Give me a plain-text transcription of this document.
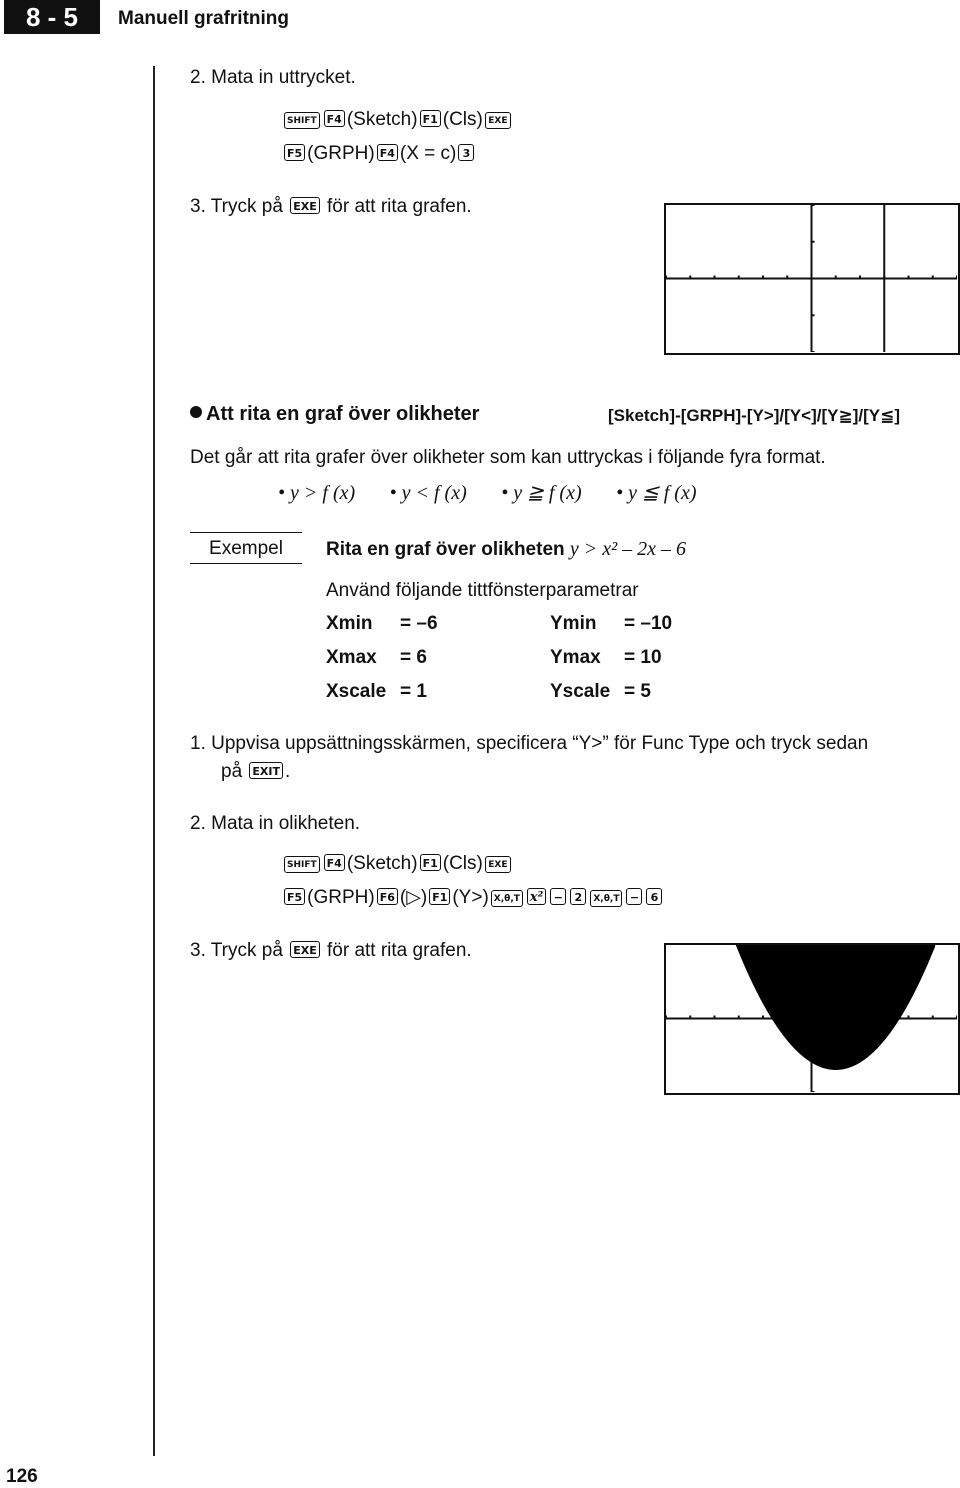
8 - 5	Manuell grafritning
2. Mata in uttrycket.
SHIFT F4 (Sketch) F1 (Cls) EXE
F5 (GRPH) F4 (X = c) 3
3. Tryck på EXE för att rita grafen.
Att rita en graf över olikheter	[Sketch]-[GRPH]-[Y>]/[Y<]/[Y≧]/[Y≦]
Det går att rita grafer över olikheter som kan uttryckas i följande fyra format.
• y > f (x) • y < f (x) • y ≧ f (x) • y ≦ f (x)
Exempel	Rita en graf över olikheten y > x² – 2x – 6
Använd följande tittfönsterparametrar
Xmin = –6	Ymin = –10
Xmax = 6	Ymax = 10
Xscale = 1	Yscale = 5
1. Uppvisa uppsättningsskärmen, specificera “Y>” för Func Type och tryck sedan
på EXIT .
2. Mata in olikheten.
SHIFT F4 (Sketch) F1 (Cls) EXE
F5 (GRPH) F6 (▷) F1 (Y>) X,θ,T x² − 2 X,θ,T − 6
3. Tryck på EXE för att rita grafen.
126
